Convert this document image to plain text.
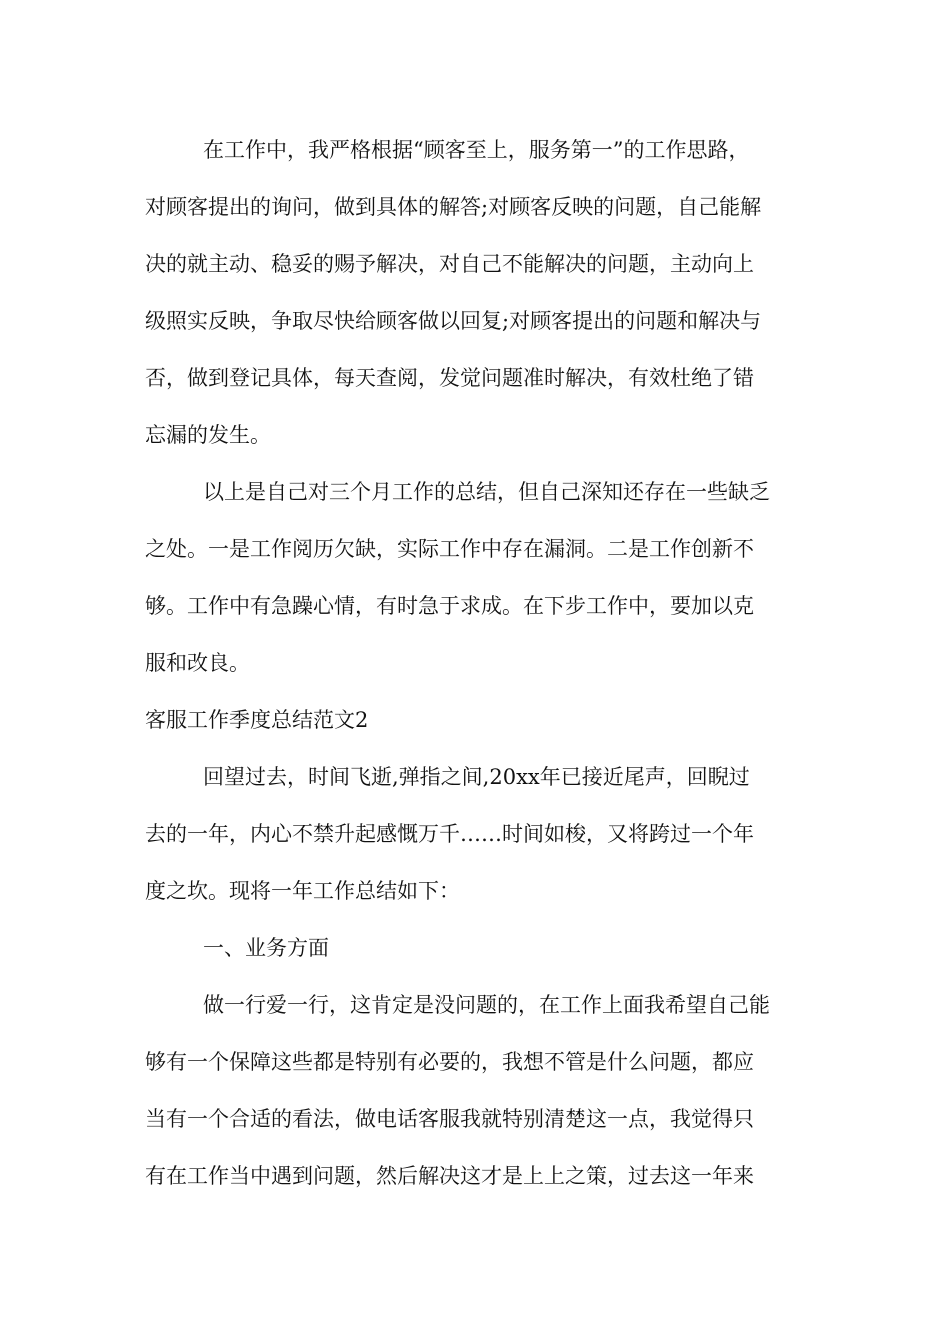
在工作中，我严格根据“顾客至上，服务第一”的工作思路，
对顾客提出的询问，做到具体的解答;对顾客反映的问题，自己能解
决的就主动、稳妥的赐予解决，对自己不能解决的问题，主动向上
级照实反映，争取尽快给顾客做以回复;对顾客提出的问题和解决与
否，做到登记具体，每天查阅，发觉问题准时解决，有效杜绝了错
忘漏的发生。
以上是自己对三个月工作的总结，但自己深知还存在一些缺乏
之处。一是工作阅历欠缺，实际工作中存在漏洞。二是工作创新不
够。工作中有急躁心情，有时急于求成。在下步工作中，要加以克
服和改良。
客服工作季度总结范文2
回望过去，时间飞逝,弹指之间,20xx年已接近尾声，回睨过
去的一年，内心不禁升起感慨万千……时间如梭，又将跨过一个年
度之坎。现将一年工作总结如下：
一、业务方面
做一行爱一行，这肯定是没问题的，在工作上面我希望自己能
够有一个保障这些都是特别有必要的，我想不管是什么问题，都应
当有一个合适的看法，做电话客服我就特别清楚这一点，我觉得只
有在工作当中遇到问题，然后解决这才是上上之策，过去这一年来
